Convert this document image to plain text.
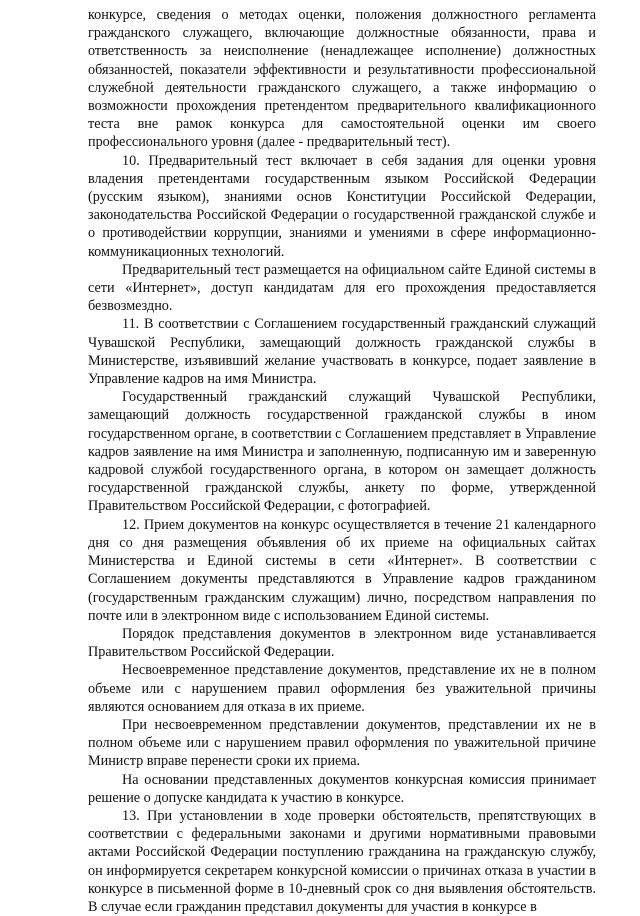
конкурсе, сведения о методах оценки, положения должностного регламента гражданского служащего, включающие должностные обязанности, права и ответственность за неисполнение (ненадлежащее исполнение) должностных обязанностей, показатели эффективности и результативности профессиональной служебной деятельности гражданского служащего, а также информацию о возможности прохождения претендентом предварительного квалификационного теста вне рамок конкурса для самостоятельной оценки им своего профессионального уровня (далее - предварительный тест).

10. Предварительный тест включает в себя задания для оценки уровня владения претендентами государственным языком Российской Федерации (русским языком), знаниями основ Конституции Российской Федерации, законодательства Российской Федерации о государственной гражданской службе и о противодействии коррупции, знаниями и умениями в сфере информационно-коммуникационных технологий.

Предварительный тест размещается на официальном сайте Единой системы в сети «Интернет», доступ кандидатам для его прохождения предоставляется безвозмездно.

11. В соответствии с Соглашением государственный гражданский служащий Чувашской Республики, замещающий должность гражданской службы в Министерстве, изъявивший желание участвовать в конкурсе, подает заявление в Управление кадров на имя Министра.

Государственный гражданский служащий Чувашской Республики, замещающий должность государственной гражданской службы в ином государственном органе, в соответствии с Соглашением представляет в Управление кадров заявление на имя Министра и заполненную, подписанную им и заверенную кадровой службой государственного органа, в котором он замещает должность государственной гражданской службы, анкету по форме, утвержденной Правительством Российской Федерации, с фотографией.

12. Прием документов на конкурс осуществляется в течение 21 календарного дня со дня размещения объявления об их приеме на официальных сайтах Министерства и Единой системы в сети «Интернет». В соответствии с Соглашением документы представляются в Управление кадров гражданином (государственным гражданским служащим) лично, посредством направления по почте или в электронном виде с использованием Единой системы.

Порядок представления документов в электронном виде устанавливается Правительством Российской Федерации.

Несвоевременное представление документов, представление их не в полном объеме или с нарушением правил оформления без уважительной причины являются основанием для отказа в их приеме.

При несвоевременном представлении документов, представлении их не в полном объеме или с нарушением правил оформления по уважительной причине Министр вправе перенести сроки их приема.

На основании представленных документов конкурсная комиссия принимает решение о допуске кандидата к участию в конкурсе.

13. При установлении в ходе проверки обстоятельств, препятствующих в соответствии с федеральными законами и другими нормативными правовыми актами Российской Федерации поступлению гражданина на гражданскую службу, он информируется секретарем конкурсной комиссии о причинах отказа в участии в конкурсе в письменной форме в 10-дневный срок со дня выявления обстоятельств. В случае если гражданин представил документы для участия в конкурсе в
